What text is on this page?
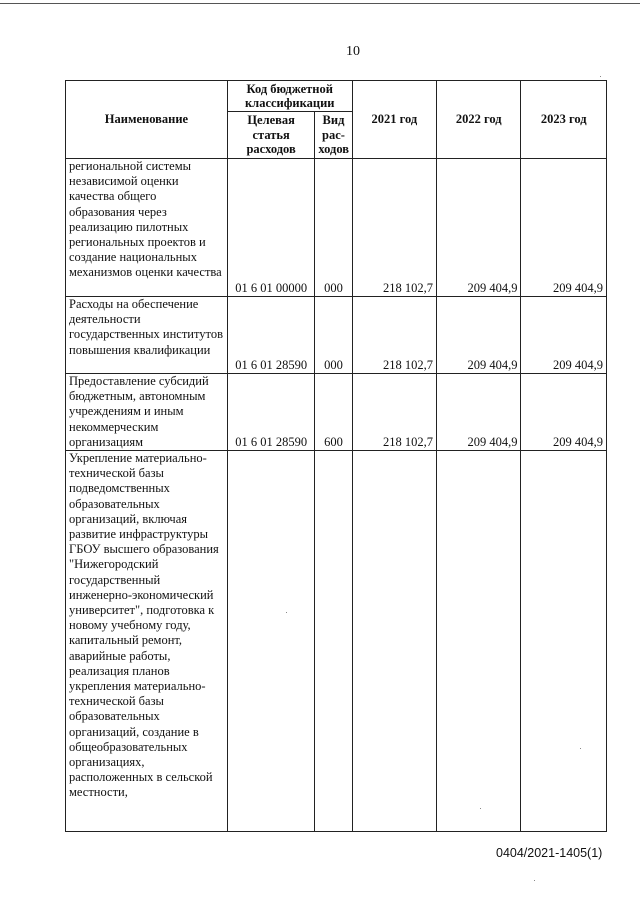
10
Наименование	Код бюджетной классификации		2021 год	2022 год	2023 год
	Целевая статья расходов	Вид рас-ходов			
региональной системы независимой оценки качества общего образования через реализацию пилотных региональных проектов и создание национальных механизмов оценки качества	01 6 01 00000	000	218 102,7	209 404,9	209 404,9
Расходы на обеспечение деятельности государственных институтов повышения квалификации	01 6 01 28590	000	218 102,7	209 404,9	209 404,9
Предоставление субсидий бюджетным, автономным учреждениям и иным некоммерческим организациям	01 6 01 28590	600	218 102,7	209 404,9	209 404,9
Укрепление материально-технической базы подведомственных образовательных организаций, включая развитие инфраструктуры ГБОУ высшего образования "Нижегородский государственный инженерно-экономический университет", подготовка к новому учебному году, капитальный ремонт, аварийные работы, реализация планов укрепления материально-технической базы образовательных организаций, создание в общеобразовательных организациях, расположенных в сельской местности,					
0404/2021-1405(1)
